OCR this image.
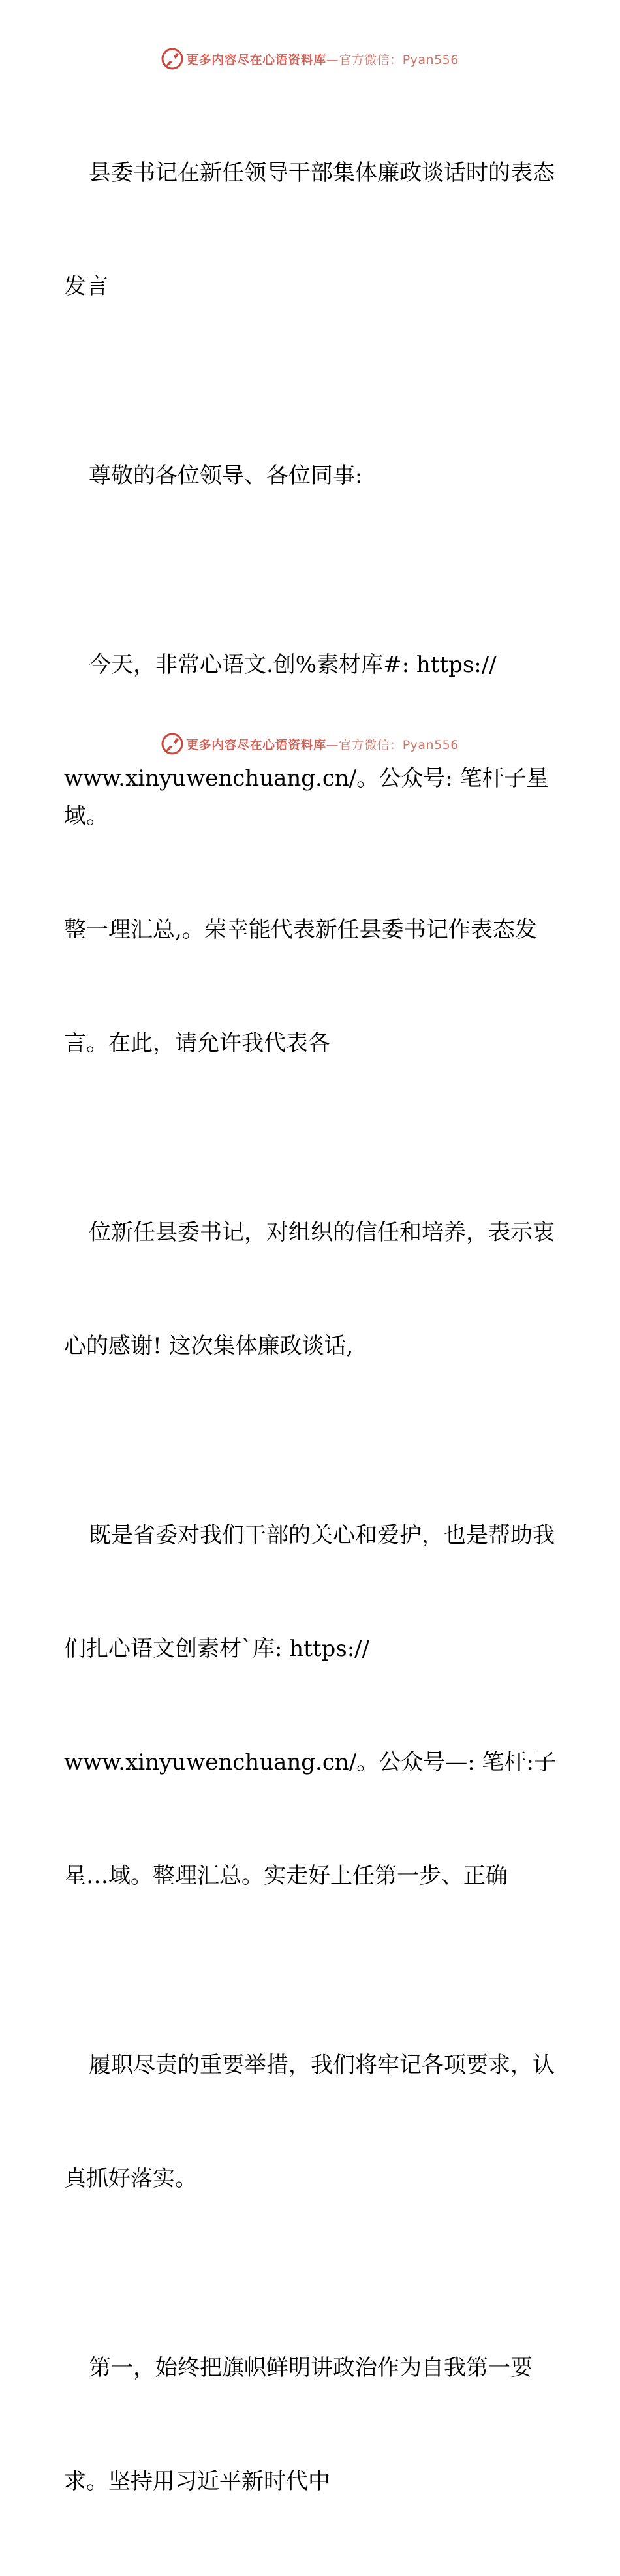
更多内容尽在心语资料库—官方微信：Pyan556

县委书记在新任领导干部集体廉政谈话时的表态

发言

尊敬的各位领导、各位同事:

今天，非常心语文.创%素材库#: https://

www.xinyuwenchuang.cn/。公众号: 笔杆子星域。

整一理汇总,。荣幸能代表新任县委书记作表态发

言。在此，请允许我代表各

位新任县委书记，对组织的信任和培养，表示衷

心的感谢! 这次集体廉政谈话,

既是省委对我们干部的关心和爱护，也是帮助我

们扎心语文创素材`库: https://

www.xinyuwenchuang.cn/。公众号—: 笔杆:子

星…域。整理汇总。实走好上任第一步、正确

履职尽责的重要举措，我们将牢记各项要求，认

真抓好落实。

第一，始终把旗帜鲜明讲政治作为自我第一要

求。坚持用习近平新时代中

更多内容尽在心语资料库—官方微信：Pyan556
